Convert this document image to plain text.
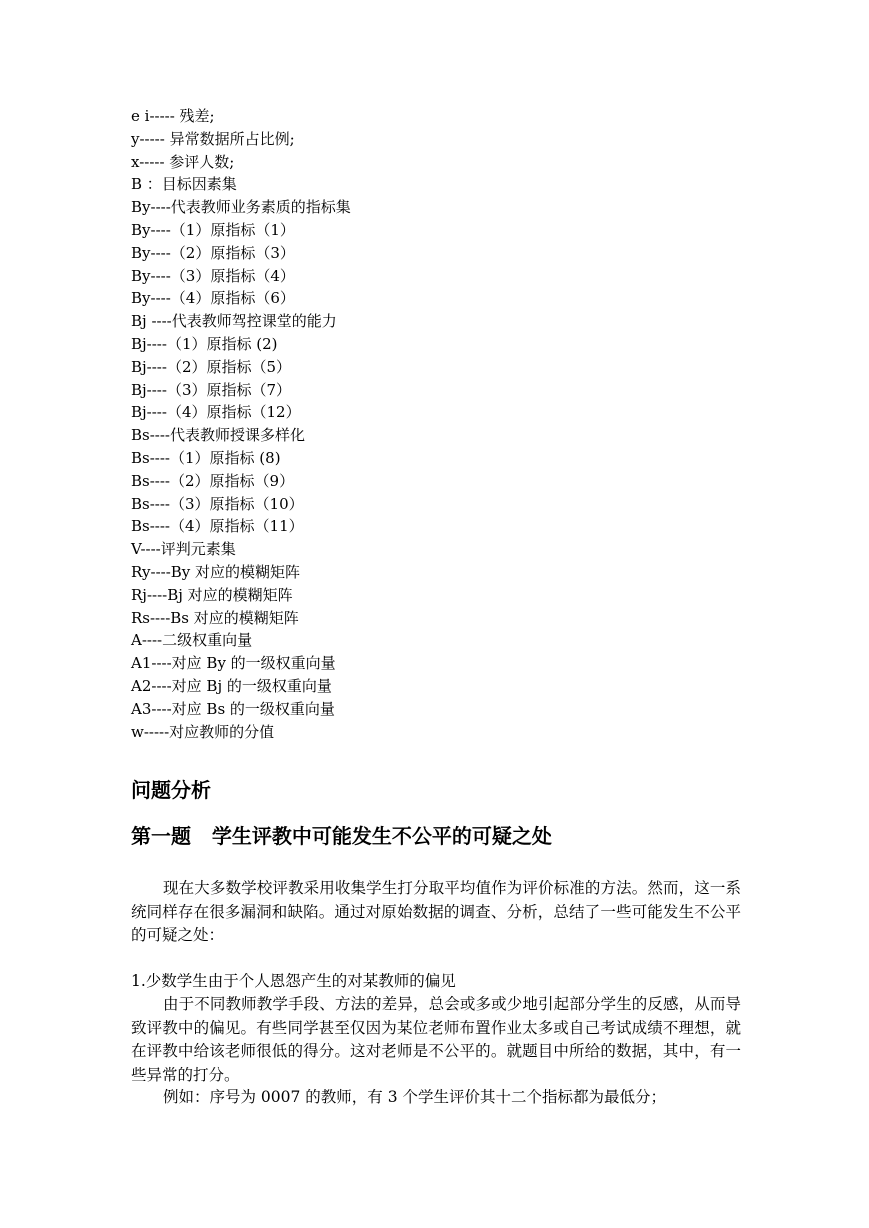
e i----- 残差;
y----- 异常数据所占比例;
x----- 参评人数;
B ：目标因素集
By----代表教师业务素质的指标集
By----（1）原指标（1）
By----（2）原指标（3）
By----（3）原指标（4）
By----（4）原指标（6）
Bj ----代表教师驾控课堂的能力
Bj----（1）原指标 (2)
Bj----（2）原指标（5）
Bj----（3）原指标（7）
Bj----（4）原指标（12）
Bs----代表教师授课多样化
Bs----（1）原指标 (8)
Bs----（2）原指标（9）
Bs----（3）原指标（10）
Bs----（4）原指标（11）
V----评判元素集
Ry----By 对应的模糊矩阵
Rj----Bj 对应的模糊矩阵
Rs----Bs 对应的模糊矩阵
A----二级权重向量
A1----对应 By 的一级权重向量
A2----对应 Bj 的一级权重向量
A3----对应 Bs 的一级权重向量
w-----对应教师的分值
问题分析
第一题   学生评教中可能发生不公平的可疑之处

现在大多数学校评教采用收集学生打分取平均值作为评价标准的方法。然而，这一系统同样存在很多漏洞和缺陷。通过对原始数据的调查、分析，总结了一些可能发生不公平的可疑之处：

1.少数学生由于个人恩怨产生的对某教师的偏见

由于不同教师教学手段、方法的差异，总会或多或少地引起部分学生的反感，从而导致评教中的偏见。有些同学甚至仅因为某位老师布置作业太多或自己考试成绩不理想，就在评教中给该老师很低的得分。这对老师是不公平的。就题目中所给的数据，其中，有一些异常的打分。

例如：序号为 0007 的教师，有 3 个学生评价其十二个指标都为最低分；
